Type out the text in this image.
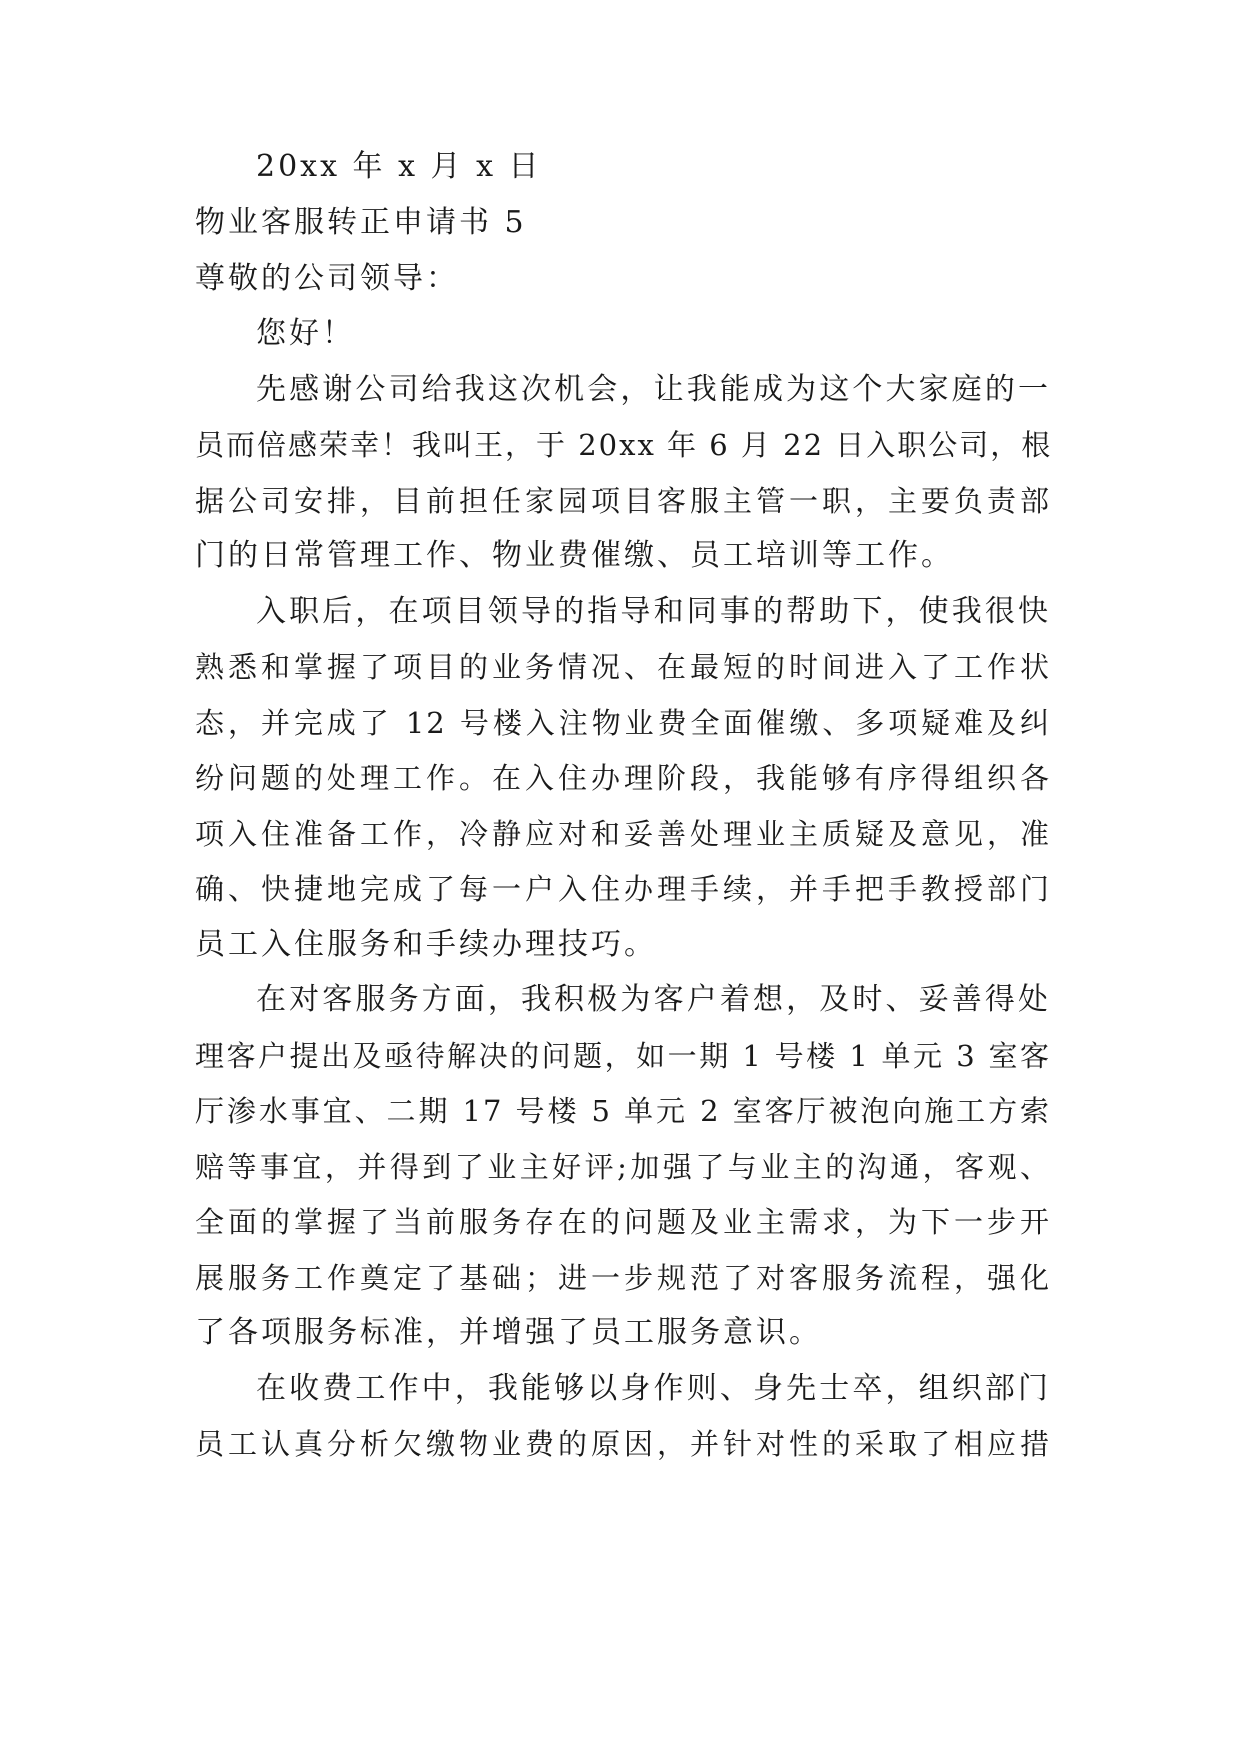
20xx 年 x 月 x 日
物业客服转正申请书 5
尊敬的公司领导：
您好！
先感谢公司给我这次机会，让我能成为这个大家庭的一
员而倍感荣幸！我叫王，于 20xx 年 6 月 22 日入职公司，根
据公司安排，目前担任家园项目客服主管一职，主要负责部
门的日常管理工作、物业费催缴、员工培训等工作。
入职后，在项目领导的指导和同事的帮助下，使我很快
熟悉和掌握了项目的业务情况、在最短的时间进入了工作状
态，并完成了 12 号楼入注物业费全面催缴、多项疑难及纠
纷问题的处理工作。在入住办理阶段，我能够有序得组织各
项入住准备工作，冷静应对和妥善处理业主质疑及意见，准
确、快捷地完成了每一户入住办理手续，并手把手教授部门
员工入住服务和手续办理技巧。
在对客服务方面，我积极为客户着想，及时、妥善得处
理客户提出及亟待解决的问题，如一期 1 号楼 1 单元 3 室客
厅渗水事宜、二期 17 号楼 5 单元 2 室客厅被泡向施工方索
赔等事宜，并得到了业主好评;加强了与业主的沟通，客观、
全面的掌握了当前服务存在的问题及业主需求，为下一步开
展服务工作奠定了基础；进一步规范了对客服务流程，强化
了各项服务标准，并增强了员工服务意识。
在收费工作中，我能够以身作则、身先士卒，组织部门
员工认真分析欠缴物业费的原因，并针对性的采取了相应措
